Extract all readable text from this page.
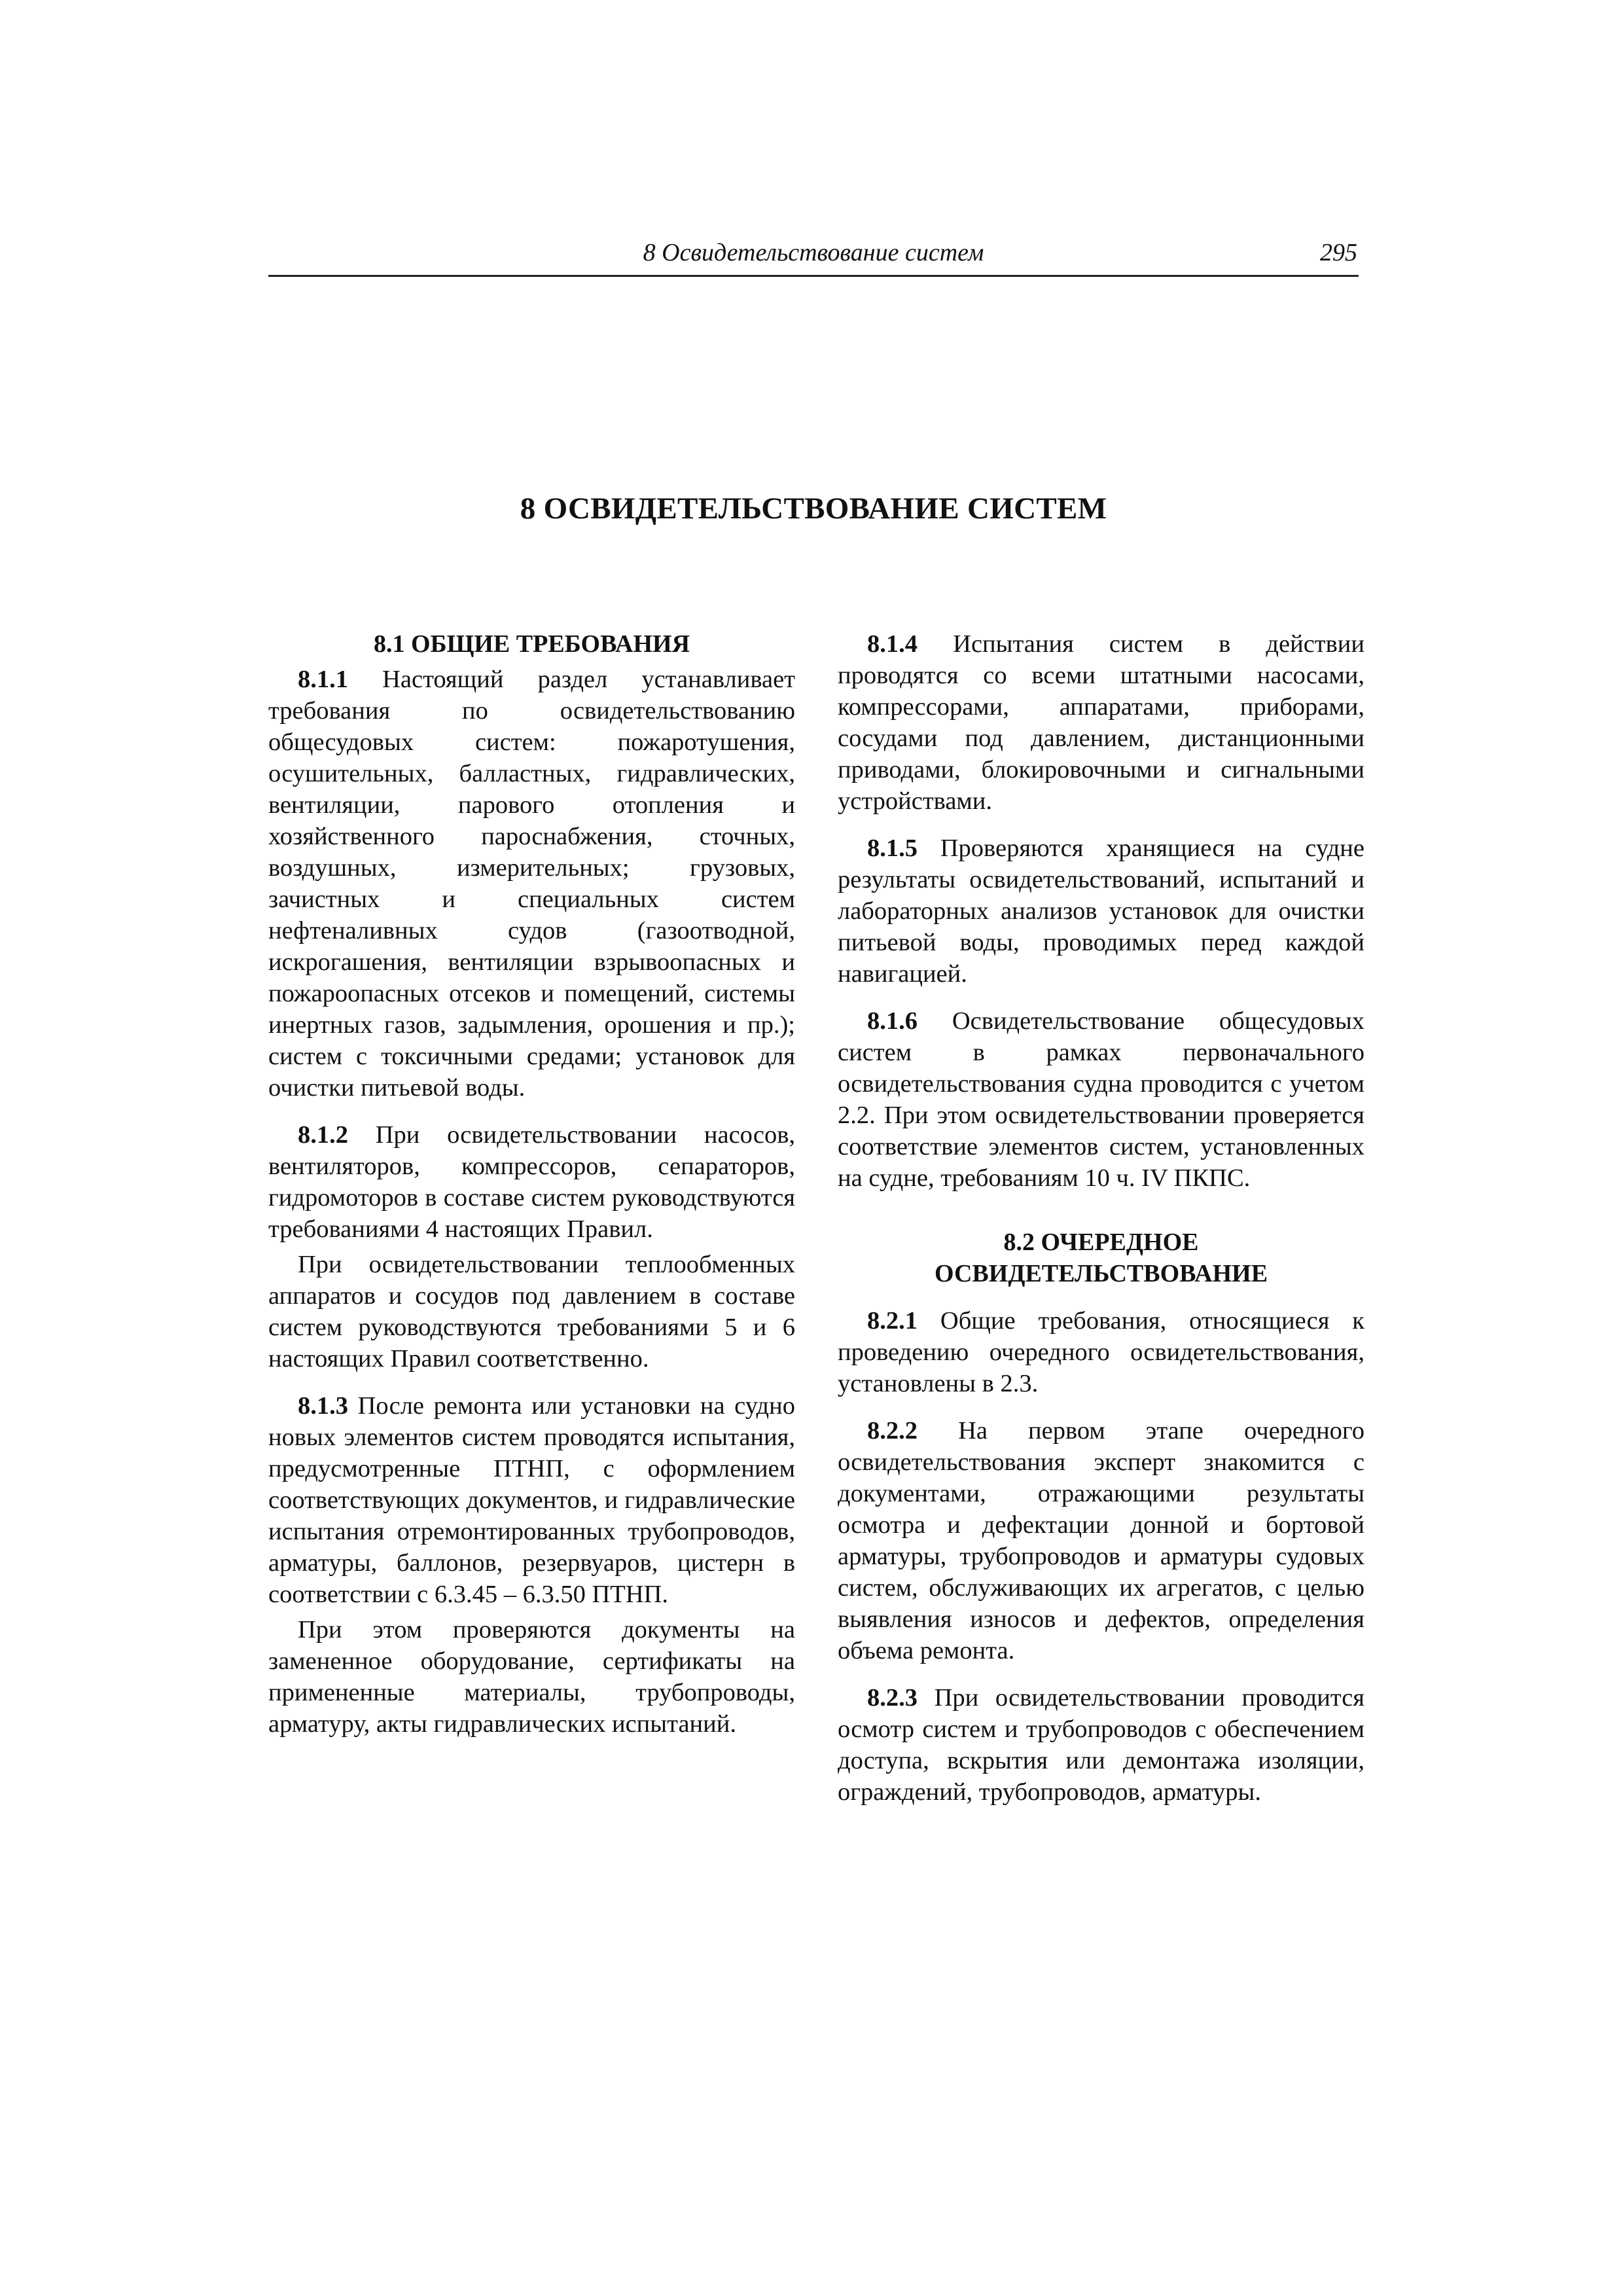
8 Освидетельствование систем	295
8 ОСВИДЕТЕЛЬСТВОВАНИЕ СИСТЕМ
8.1 ОБЩИЕ ТРЕБОВАНИЯ

8.1.1 Настоящий раздел устанавливает требования по освидетельствованию общесудовых систем: пожаротушения, осушительных, балластных, гидравлических, вентиляции, парового отопления и хозяйственного пароснабжения, сточных, воздушных, измерительных; грузовых, зачистных и специальных систем нефтеналивных судов (газоотводной, искрогашения, вентиляции взрывоопасных и пожароопасных отсеков и помещений, системы инертных газов, задымления, орошения и пр.); систем с токсичными средами; установок для очистки питьевой воды.

8.1.2 При освидетельствовании насосов, вентиляторов, компрессоров, сепараторов, гидромоторов в составе систем руководствуются требованиями 4 настоящих Правил.

При освидетельствовании теплообменных аппаратов и сосудов под давлением в составе систем руководствуются требованиями 5 и 6 настоящих Правил соответственно.

8.1.3 После ремонта или установки на судно новых элементов систем проводятся испытания, предусмотренные ПТНП, с оформлением соответствующих документов, и гидравлические испытания отремонтированных трубопроводов, арматуры, баллонов, резервуаров, цистерн в соответствии с 6.3.45 – 6.3.50 ПТНП.

При этом проверяются документы на замененное оборудование, сертификаты на примененные материалы, трубопроводы, арматуру, акты гидравлических испытаний.

8.1.4 Испытания систем в действии проводятся со всеми штатными насосами, компрессорами, аппаратами, приборами, сосудами под давлением, дистанционными приводами, блокировочными и сигнальными устройствами.

8.1.5 Проверяются хранящиеся на судне результаты освидетельствований, испытаний и лабораторных анализов установок для очистки питьевой воды, проводимых перед каждой навигацией.

8.1.6 Освидетельствование общесудовых систем в рамках первоначального освидетельствования судна проводится с учетом 2.2. При этом освидетельствовании проверяется соответствие элементов систем, установленных на судне, требованиям 10 ч. IV ПКПС.

8.2 ОЧЕРЕДНОЕ
ОСВИДЕТЕЛЬСТВОВАНИЕ

8.2.1 Общие требования, относящиеся к проведению очередного освидетельствования, установлены в 2.3.

8.2.2 На первом этапе очередного освидетельствования эксперт знакомится с документами, отражающими результаты осмотра и дефектации донной и бортовой арматуры, трубопроводов и арматуры судовых систем, обслуживающих их агрегатов, с целью выявления износов и дефектов, определения объема ремонта.

8.2.3 При освидетельствовании проводится осмотр систем и трубопроводов с обеспечением доступа, вскрытия или демонтажа изоляции, ограждений, трубопроводов, арматуры.
